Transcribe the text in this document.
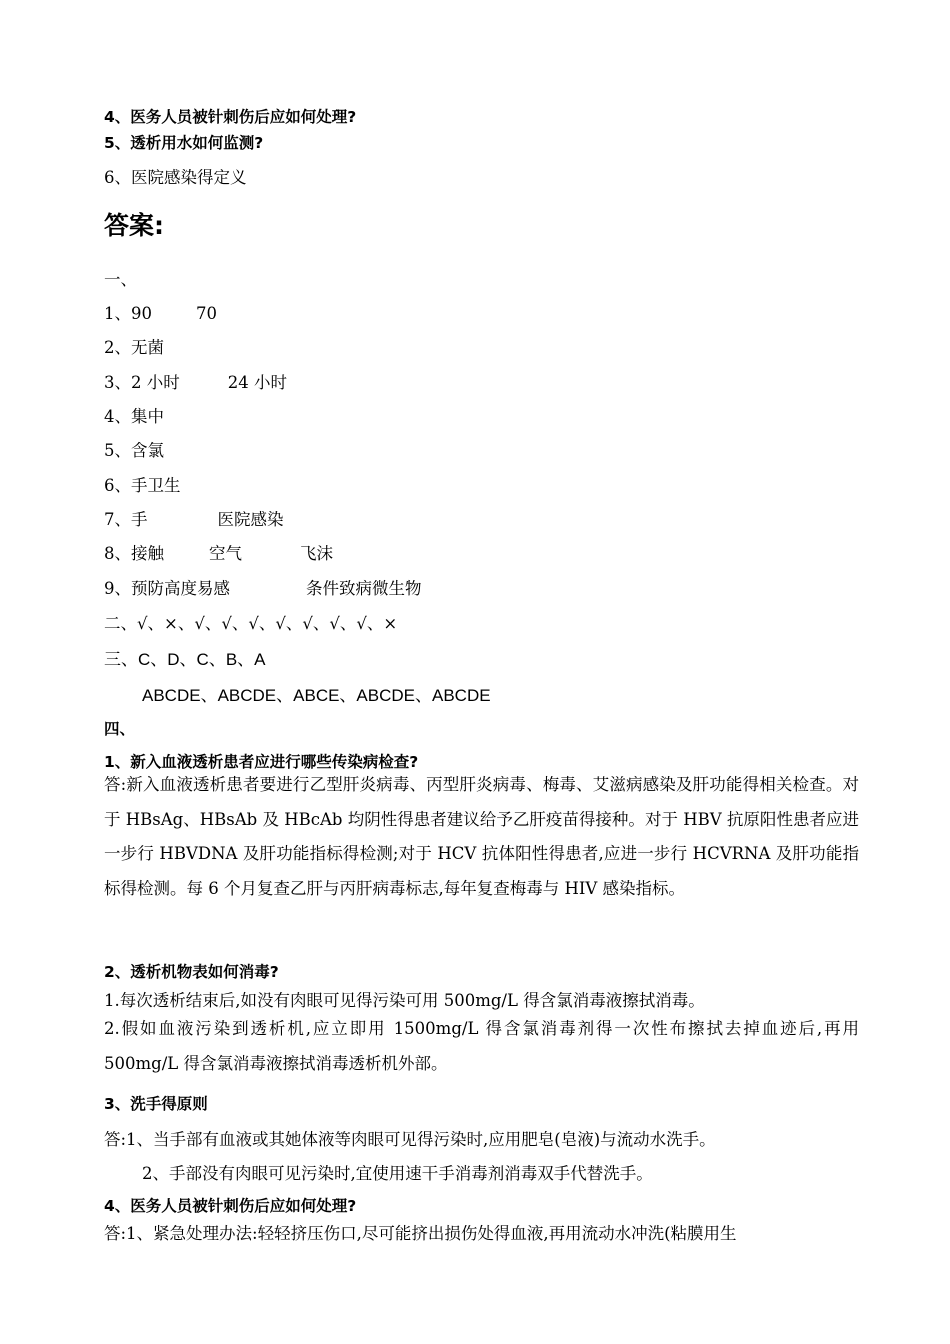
4、医务人员被针刺伤后应如何处理?
5、透析用水如何监测?
6、医院感染得定义
答案:
一、
1、90	70
2、无菌
3、2 小时	24 小时
4、集中
5、含氯
6、手卫生
7、手	医院感染
8、接触	空气	飞沫
9、预防高度易感	条件致病微生物
二、√、×、√、√、√、√、√、√、√、×
三、C、D、C、B、A
ABCDE、ABCDE、ABCE、ABCDE、ABCDE
四、
1、新入血液透析患者应进行哪些传染病检查?
答:新入血液透析患者要进行乙型肝炎病毒、丙型肝炎病毒、梅毒、艾滋病感染及肝功能得相关检查。对于 HBsAg、HBsAb 及 HBcAb 均阴性得患者建议给予乙肝疫苗得接种。对于 HBV 抗原阳性患者应进一步行 HBVDNA 及肝功能指标得检测;对于 HCV 抗体阳性得患者,应进一步行 HCVRNA 及肝功能指标得检测。每 6 个月复查乙肝与丙肝病毒标志,每年复查梅毒与 HIV 感染指标。
2、透析机物表如何消毒?
1.每次透析结束后,如没有肉眼可见得污染可用 500mg/L 得含氯消毒液擦拭消毒。
2.假如血液污染到透析机,应立即用 1500mg/L 得含氯消毒剂得一次性布擦拭去掉血迹后,再用 500mg/L 得含氯消毒液擦拭消毒透析机外部。
3、洗手得原则
答:1、当手部有血液或其她体液等肉眼可见得污染时,应用肥皂(皂液)与流动水洗手。
2、手部没有肉眼可见污染时,宜使用速干手消毒剂消毒双手代替洗手。
4、医务人员被针刺伤后应如何处理?
答:1、紧急处理办法:轻轻挤压伤口,尽可能挤出损伤处得血液,再用流动水冲洗(粘膜用生
